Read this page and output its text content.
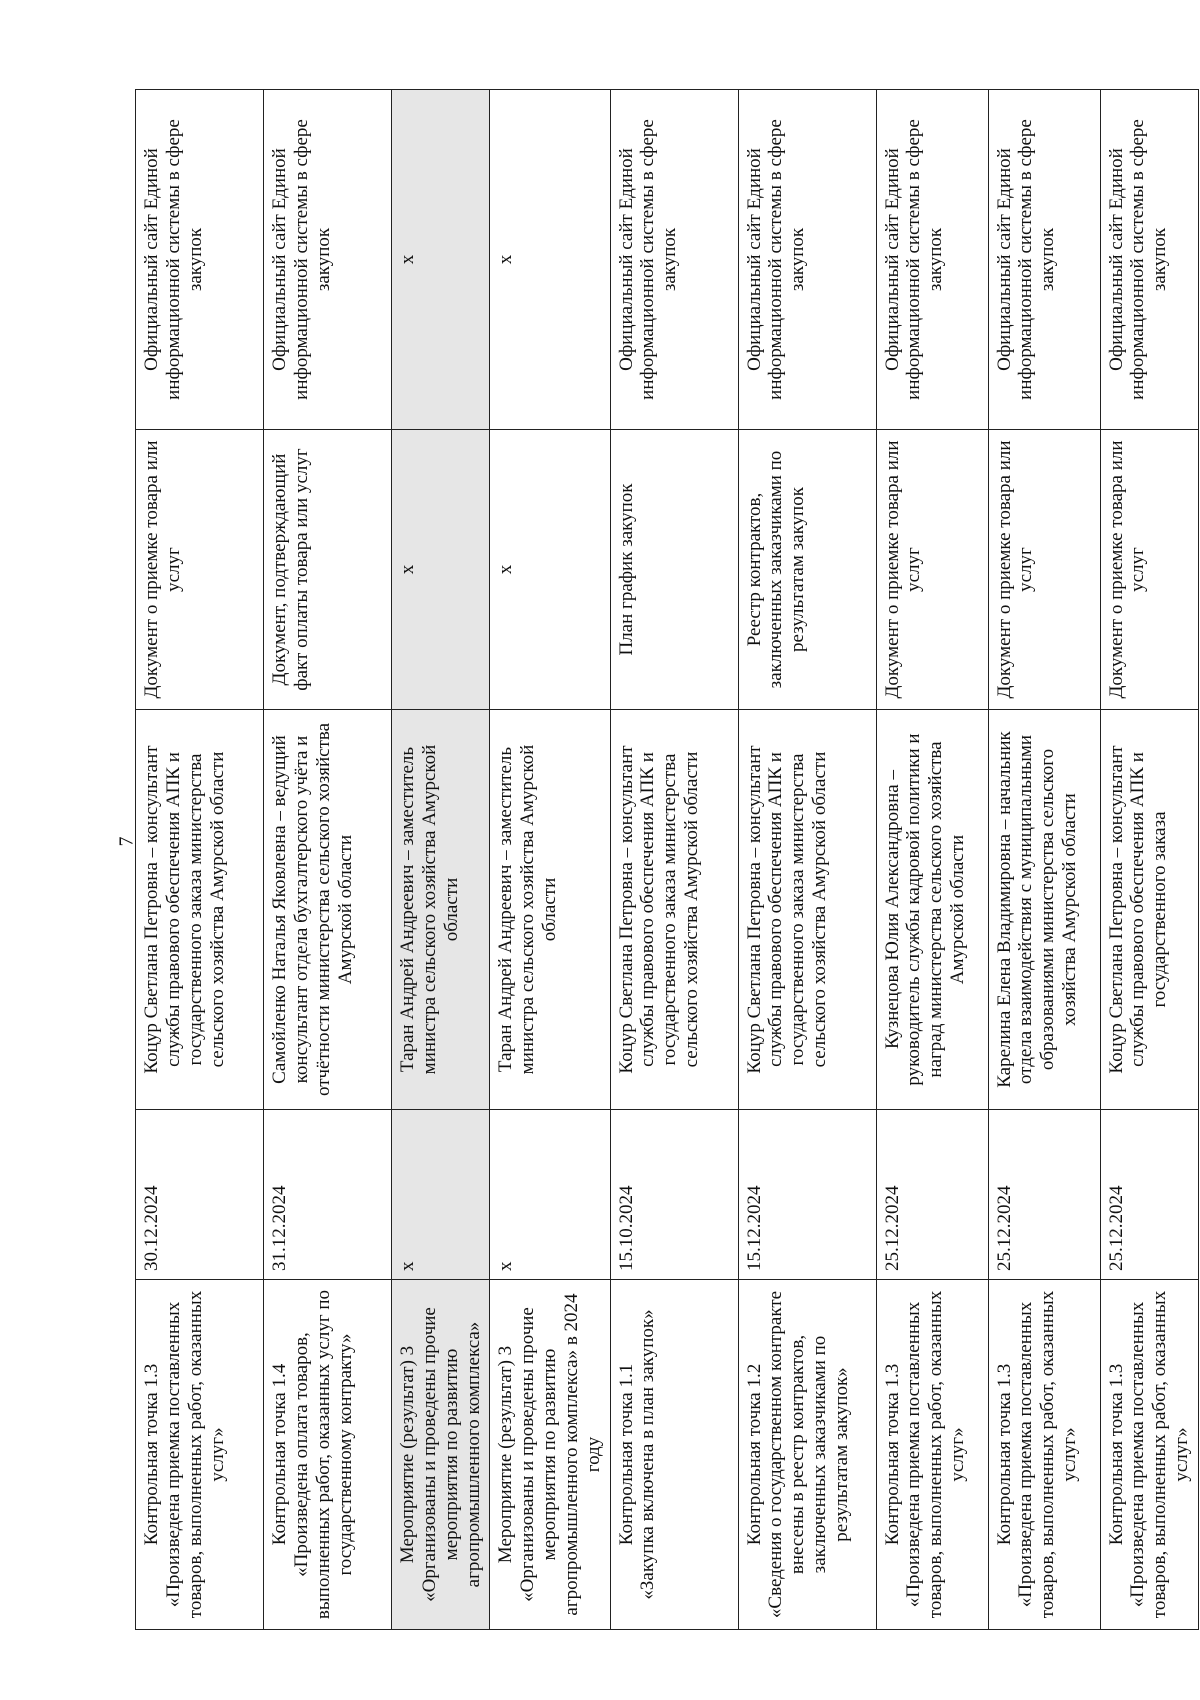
7
Контрольная точка 1.3 «Произведена приемка поставленных товаров, выполненных работ, оказанных услуг»	30.12.2024	Коцур Светлана Петровна – консультант службы правового обеспечения АПК и государственного заказа министерства сельского хозяйства Амурской области	Документ о приемке товара или услуг	Официальный сайт Единой информационной системы в сфере закупок

Контрольная точка 1.4 «Произведена оплата товаров, выполненных работ, оказанных услуг по государственному контракту»	31.12.2024	Самойленко Наталья Яковлевна – ведущий консультант отдела бухгалтерского учёта и отчётности министерства сельского хозяйства Амурской области	Документ, подтверждающий факт оплаты товара или услуг	Официальный сайт Единой информационной системы в сфере закупок

Мероприятие (результат) 3 «Организованы и проведены прочие мероприятия по развитию агропромышленного комплекса»	x	Таран Андрей Андреевич – заместитель министра сельского хозяйства Амурской области	x	x

Мероприятие (результат) 3 «Организованы и проведены прочие мероприятия по развитию агропромышленного комплекса» в 2024 году	x	Таран Андрей Андреевич – заместитель министра сельского хозяйства Амурской области	x	x

Контрольная точка 1.1 «Закупка включена в план закупок»	15.10.2024	Коцур Светлана Петровна – консультант службы правового обеспечения АПК и государственного заказа министерства сельского хозяйства Амурской области	План график закупок	Официальный сайт Единой информационной системы в сфере закупок

Контрольная точка 1.2 «Сведения о государственном контракте внесены в реестр контрактов, заключенных заказчиками по результатам закупок»	15.12.2024	Коцур Светлана Петровна – консультант службы правового обеспечения АПК и государственного заказа министерства сельского хозяйства Амурской области	Реестр контрактов, заключенных заказчиками по результатам закупок	Официальный сайт Единой информационной системы в сфере закупок

Контрольная точка 1.3 «Произведена приемка поставленных товаров, выполненных работ, оказанных услуг»	25.12.2024	Кузнецова Юлия Александровна – руководитель службы кадровой политики и наград министерства сельского хозяйства Амурской области	Документ о приемке товара или услуг	Официальный сайт Единой информационной системы в сфере закупок

Контрольная точка 1.3 «Произведена приемка поставленных товаров, выполненных работ, оказанных услуг»	25.12.2024	Карелина Елена Владимировна – начальник отдела взаимодействия с муниципальными образованиями министерства сельского хозяйства Амурской области	Документ о приемке товара или услуг	Официальный сайт Единой информационной системы в сфере закупок

Контрольная точка 1.3 «Произведена приемка поставленных товаров, выполненных работ, оказанных услуг»	25.12.2024	Коцур Светлана Петровна – консультант службы правового обеспечения АПК и государственного заказа	Документ о приемке товара или услуг	Официальный сайт Единой информационной системы в сфере закупок
